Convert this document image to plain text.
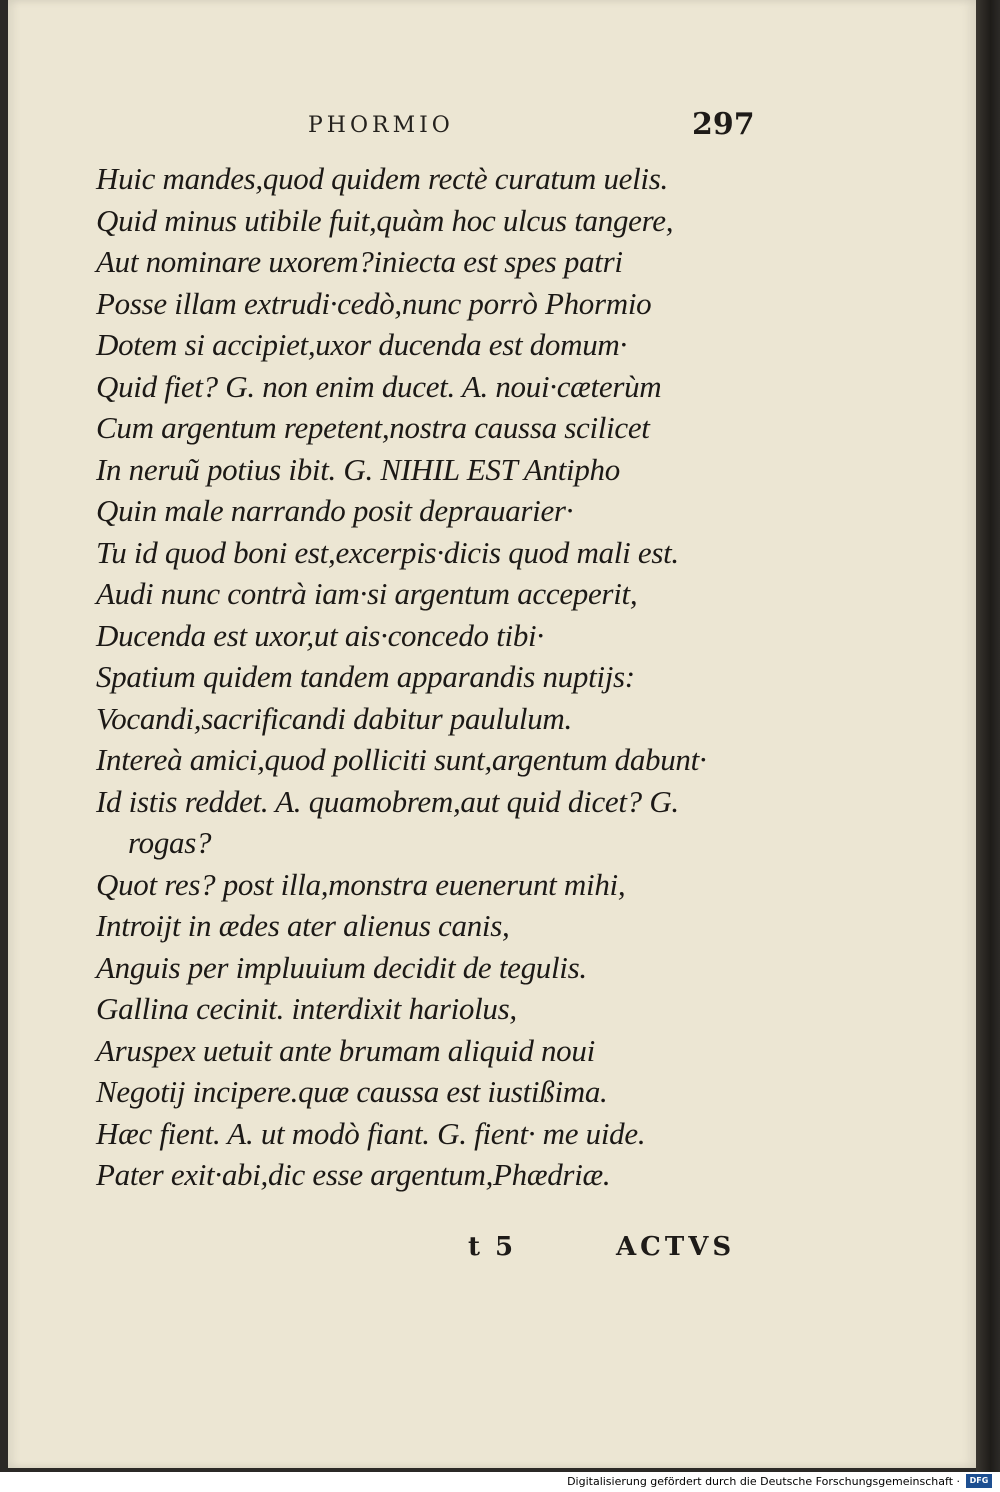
PHORMIO	297
Huic mandes,quod quidem rectè curatum uelis.
Quid minus utibile fuit,quàm hoc ulcus tangere,
Aut nominare uxorem?iniecta est spes patri
Posse illam extrudi·cedò,nunc porrò Phormio
Dotem si accipiet,uxor ducenda est domum·
Quid fiet? G. non enim ducet. A. noui·cæterùm
Cum argentum repetent,nostra caussa scilicet
In neruũ potius ibit. G. NIHIL EST Antipho
Quin male narrando posit deprauarier·
Tu id quod boni est,excerpis·dicis quod mali est.
Audi nunc contrà iam·si argentum acceperit,
Ducenda est uxor,ut ais·concedo tibi·
Spatium quidem tandem apparandis nuptijs:
Vocandi,sacrificandi dabitur paululum.
Intereà amici,quod polliciti sunt,argentum dabunt·
Id istis reddet. A. quamobrem,aut quid dicet? G.
rogas?
Quot res? post illa,monstra euenerunt mihi,
Introijt in ædes ater alienus canis,
Anguis per impluuium decidit de tegulis.
Gallina cecinit. interdixit hariolus,
Aruspex uetuit ante brumam aliquid noui
Negotij incipere.quæ caussa est iustißima.
Hæc fient. A. ut modò fiant. G. fient· me uide.
Pater exit·abi,dic esse argentum,Phædriæ.
t 5	ACTVS
Digitalisierung gefördert durch die Deutsche Forschungsgemeinschaft ·	DFG
